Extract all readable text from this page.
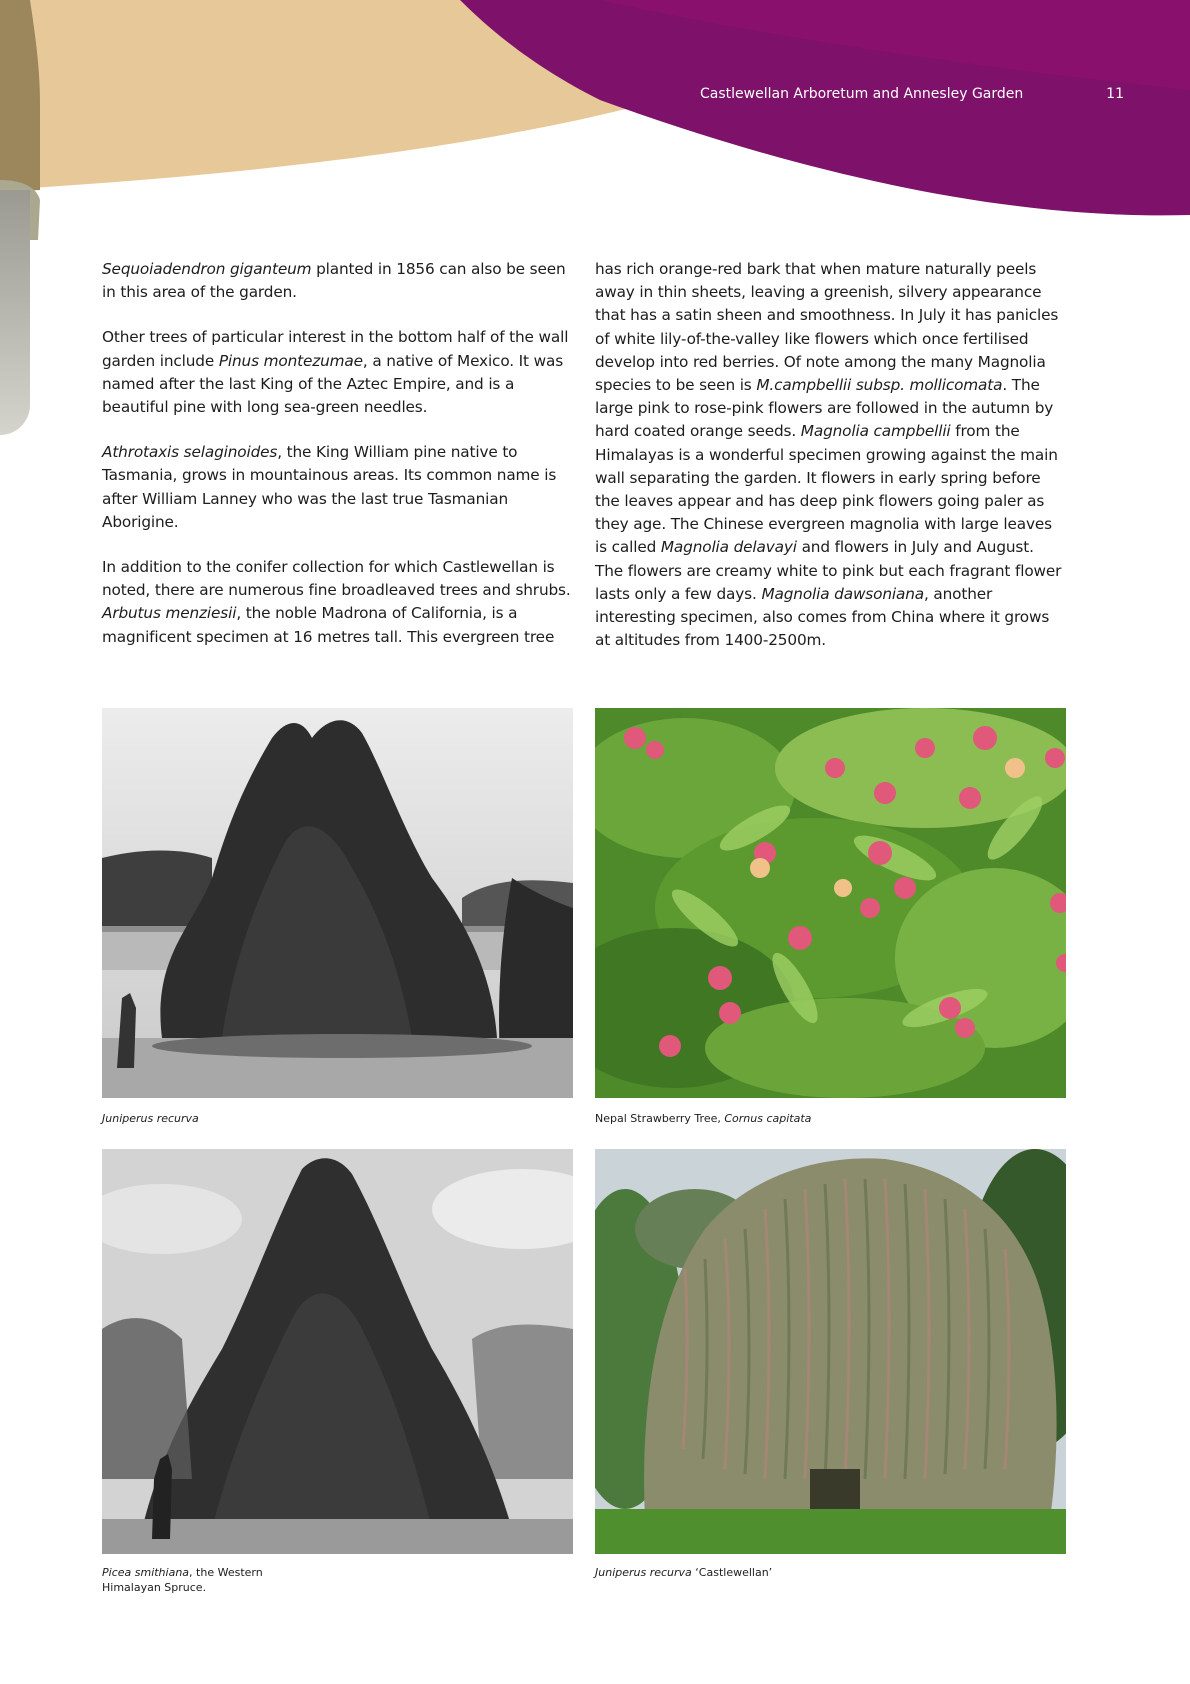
Castlewellan Arboretum and Annesley Garden	11

Sequoiadendron giganteum planted in 1856 can also be seen in this area of the garden.

Other trees of particular interest in the bottom half of the wall garden include Pinus montezumae, a native of Mexico. It was named after the last King of the Aztec Empire, and is a beautiful pine with long sea-green needles.

Athrotaxis selaginoides, the King William pine native to Tasmania, grows in mountainous areas. Its common name is after William Lanney who was the last true Tasmanian Aborigine.

In addition to the conifer collection for which Castlewellan is noted, there are numerous fine broadleaved trees and shrubs. Arbutus menziesii, the noble Madrona of California, is a magnificent specimen at 16 metres tall. This evergreen tree

has rich orange-red bark that when mature naturally peels away in thin sheets, leaving a greenish, silvery appearance that has a satin sheen and smoothness. In July it has panicles of white lily-of-the-valley like flowers which once fertilised develop into red berries. Of note among the many Magnolia species to be seen is M.campbellii subsp. mollicomata. The large pink to rose-pink flowers are followed in the autumn by hard coated orange seeds. Magnolia campbellii from the Himalayas is a wonderful specimen growing against the main wall separating the garden. It flowers in early spring before the leaves appear and has deep pink flowers going paler as they age. The Chinese evergreen magnolia with large leaves is called Magnolia delavayi and flowers in July and August. The flowers are creamy white to pink but each fragrant flower lasts only a few days. Magnolia dawsoniana, another interesting specimen, also comes from China where it grows at altitudes from 1400-2500m.

Juniperus recurva	Nepal Strawberry Tree, Cornus capitata
Picea smithiana, the Western Himalayan Spruce.
Juniperus recurva ‘Castlewellan’
